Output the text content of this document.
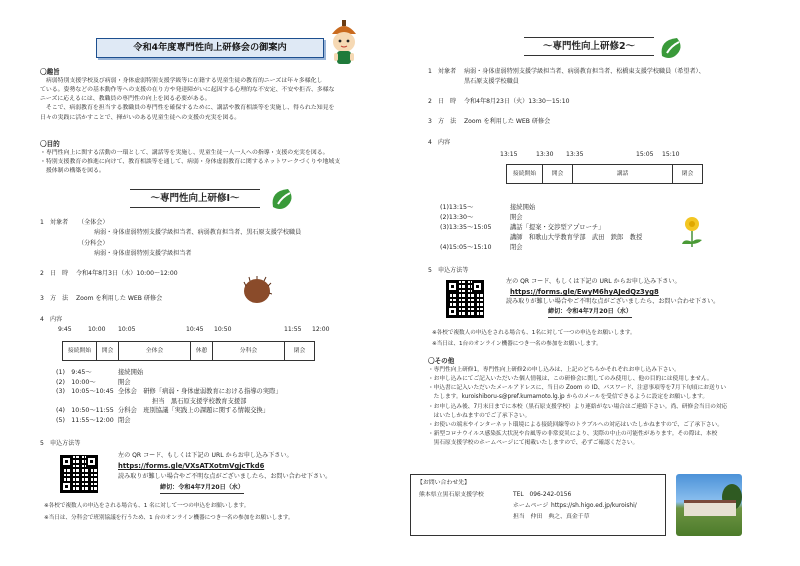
令和4年度専門性向上研修会の御案内
〇趣旨
　病弱特別支援学校及び病弱・身体虚弱特別支援学級等に在籍する児童生徒の教育的ニーズは年々多様化し
ている。姿勢などの基本動作等への支援の在り方や発達障がいに起因する心理的な不安定、不安や拒否、多様な
ニーズに応えるには、教職員の専門性の向上を図る必要がある。
　そこで、病弱教育を担当する教職員の専門性を確保するために、講話や教育相談等を実施し、得られた知見を
日々の実践に活かすことで、揮がいのある児童生徒への支援の充実を図る。
〇目的
・専門性向上に関する活動の一環として、講話等を実施し、児童生徒一人一人への指導・支援の充実を図る。
・特別支援教育の推進に向けて、教育相談等を通して、病弱・身体虚弱教育に関するネットワークづくりや地域支
　援体制の構築を図る。
～専門性向上研修Ⅰ～
1　対象者 （全体会）
病弱・身体虚弱特別支援学級担当者、病弱教育担当者、黒石原支援学校職員
（分科会）
病弱・身体虚弱特別支援学級担当者
2　日　時 令和4年8月3日（水）10:00～12:00
3　方　法 Zoom を利用した WEB 研修会
4　内容
9:45	10:00 10:05	10:45 10:50	11:55 12:00
接続開始	開会	全体会	休憩	分科会	閉会
(1)　9:45～	接続開始
(2)　10:00～	開会
(3)　10:05～10:45 全体会　研修「病弱・身体虚弱教育における指導の実際」
担当　黒石原支援学校教育支援部
(4)　10:50～11:55 分科会　班別協議「実践上の課題に関する情報交換」
(5)　11:55～12:00 閉会
5　申込方法等
左の QR コード、もしくは下記の URL からお申し込み下さい。
https://forms.gle/VXsATXotmVgjcTkd6
読み取りが難しい場合やご不明な点がございましたら、お問い合わせ下さい。
締切：令和4年7月20日（水）
※各校で複数人の申込をされる場合も、1 名に対して一つの申込をお願いします。
※当日は、分科会で班別協議を行うため、1 台のオンライン機器につき一名の参加をお願いします。
～専門性向上研修2～
1　対象者 病弱・身体虚弱特別支援学級担当者、病弱教育担当者、松橋東支援学校職員（希望者）、
黒石原支援学校職員
2　日　時 令和4年8月23日（火）13:30～15:10
3　方　法 Zoom を利用した WEB 研修会
4　内容
13:15	13:30 13:35	15:05 15:10
接続開始	開会	講話	閉会
(1)13:15～	接続開始
(2)13:30～	開会
(3)13:35～15:05	講話「提案・交渉型アプローチ」
講師　和歌山大学教育学部　武田　鉄郎　教授
(4)15:05～15:10	閉会
5　申込方法等
左の QR コード、もしくは下記の URL からお申し込み下さい。
https://forms.gle/EwyM6hyAJedQz3yg8
読み取りが難しい場合やご不明な点がございましたら、お問い合わせ下さい。
締切：令和4年7月20日（水）
※各校で複数人の申込をされる場合も、1名に対して一つの申込をお願いします。
※当日は、1台のオンライン機器につき一名の参加をお願いします。
〇その他
・専門性向上研修1，専門性向上研修2の申し込みは、上記のどちらかそれぞれお申し込み下さい。
・お申し込みにてご記入いただいた個人情報は、この研修会に関してのみ使用し、他の目的には使用しません。
・申込書に記入いただいたメールアドレスに、当日の Zoom の ID、パスワード、注意事項等を7月下旬頃にお送りい
　たします。kuroishiboru-s@pref.kumamoto.lg.jp からのメールを受信できるように設定をお願いします。
・お申し込み後、7月末日までに本校（黒石原支援学校）より連絡がない場合はご連絡下さい。尚、研修会当日の対応
　はいたしかねますのでご了承下さい。
・お使いの端末やインターネット環境による接続回線等のトラブルへの対応はいたしかねますので、ご了承下さい。
・新型コロナウイルス感染拡大状況や台風等の非常変災により、実際の中止の可能性があります。その際は、本校
　黒石原支援学校のホームページにて掲載いたしますので、必ずご確認ください。
【お問い合わせ先】
熊本県立黒石原支援学校	TEL　096-242-0156
ホームページ https://sh.higo.ed.jp/kuroishi/
担当　仲田　典之、真金千草
